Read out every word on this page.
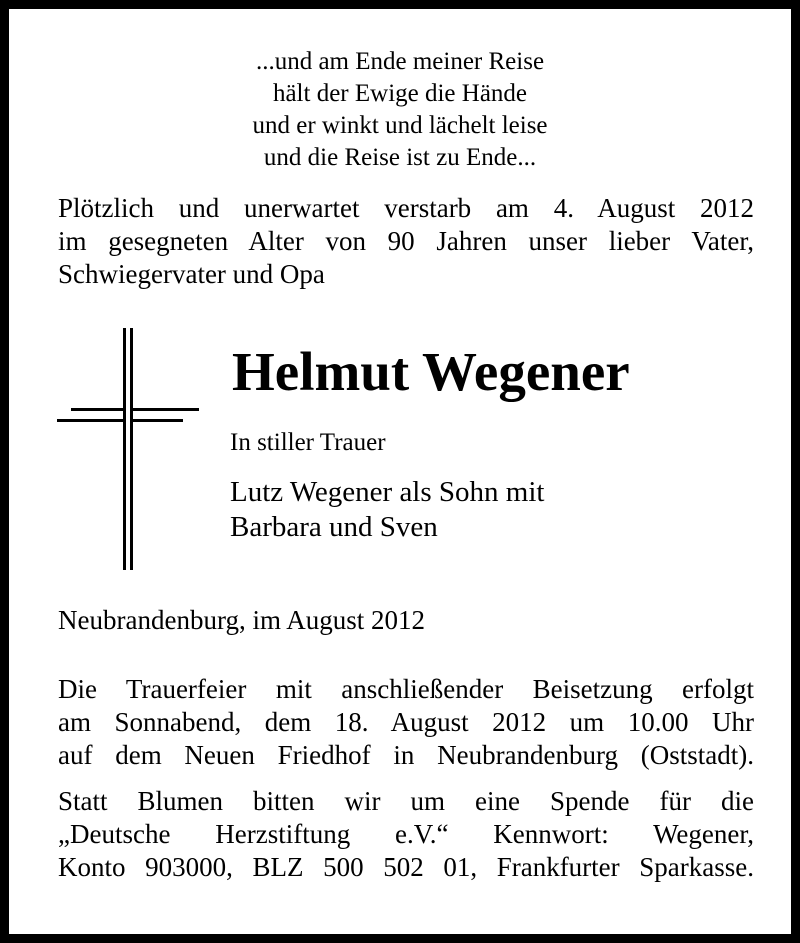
...und am Ende meiner Reise
hält der Ewige die Hände
und er winkt und lächelt leise
und die Reise ist zu Ende...
Plötzlich und unerwartet verstarb am 4. August 2012
im gesegneten Alter von 90 Jahren unser lieber Vater,
Schwiegervater und Opa
Helmut Wegener
In stiller Trauer
Lutz Wegener als Sohn mit
Barbara und Sven
Neubrandenburg, im August 2012
Die Trauerfeier mit anschließender Beisetzung erfolgt
am Sonnabend, dem 18. August 2012 um 10.00 Uhr
auf dem Neuen Friedhof in Neubrandenburg (Oststadt).
Statt Blumen bitten wir um eine Spende für die
„Deutsche Herzstiftung e.V.“ Kennwort: Wegener,
Konto 903000, BLZ 500 502 01, Frankfurter Sparkasse.
